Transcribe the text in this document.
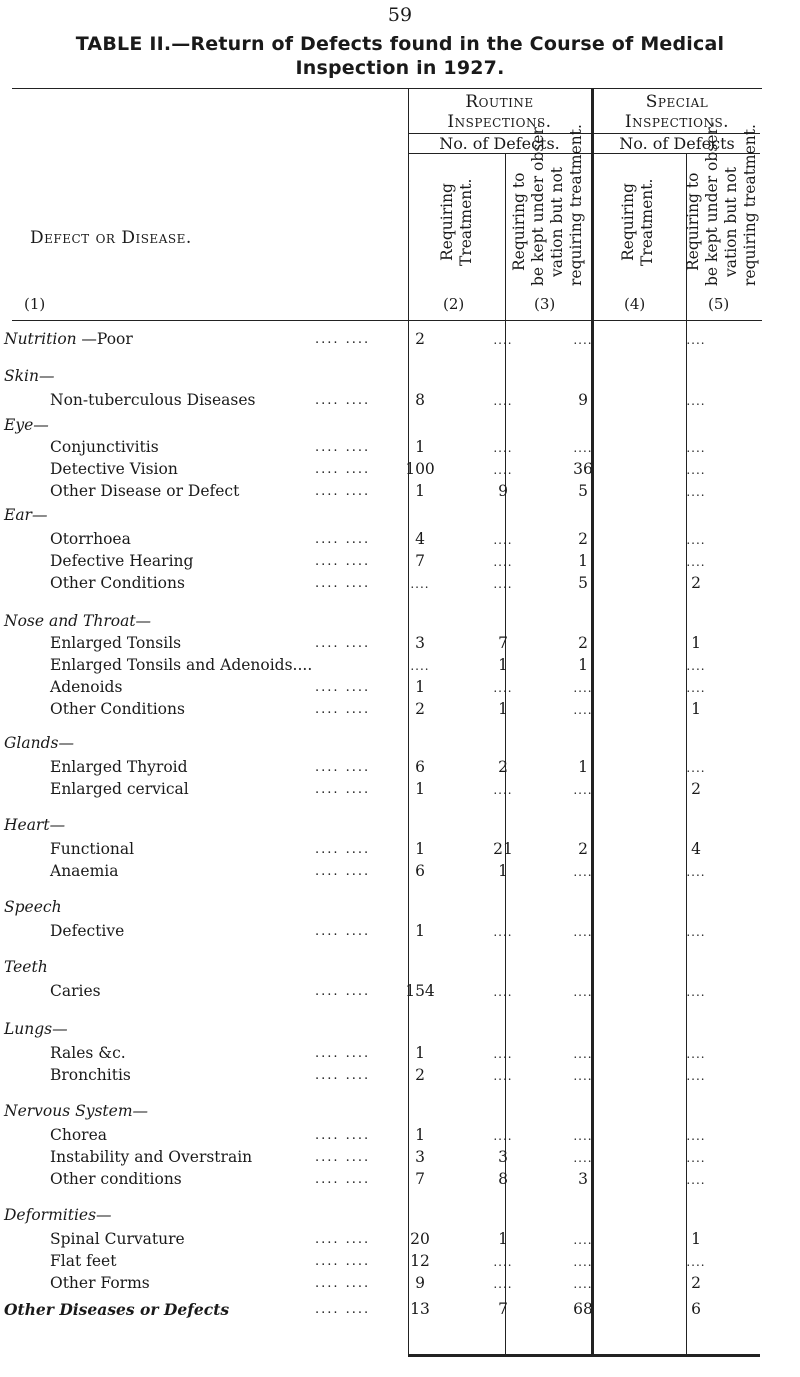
59
TABLE II.—Return of Defects found in the Course of Medical
Inspection in 1927.
Defect or Disease.
(1)
Routine
Inspections.
No. of Defects.
Special
Inspections.
No. of Defects
Requiring Treatment.
(2)
Requiring to be kept under obser- vation but not requiring treatment.
(3)
Requiring Treatment.
(4)
Requiring to be kept under obser- vation but not requiring treatment.
(5)
Nutrition —Poor	.... ....	2	....	....	....
Skin—
Non-tuberculous Diseases	.... ....	8	....	9	....
Eye—
Conjunctivitis	.... ....	1	....	....	....
Detective Vision	.... ....	100	....	36	....
Other Disease or Defect	.... ....	1	9	5	....
Ear—
Otorrhoea	.... ....	4	....	2	....
Defective Hearing	.... ....	7	....	1	....
Other Conditions	.... ....	....	....	5	2
Nose and Throat—
Enlarged Tonsils	.... ....	3	7	2	1
Enlarged Tonsils and Adenoids....	....	1	1	....
Adenoids	.... ....	1	....	....	....
Other Conditions	.... ....	2	1	....	1
Glands—
Enlarged Thyroid	.... ....	6	2	1	....
Enlarged cervical	.... ....	1	....	....	2
Heart—
Functional	.... ....	1	21	2	4
Anaemia	.... ....	6	1	....	....
Speech
Defective	.... ....	1	....	....	....
Teeth
Caries	.... ....	154	....	....	....
Lungs—
Rales &c.	.... ....	1	....	....	....
Bronchitis	.... ....	2	....	....	....
Nervous System—
Chorea	.... ....	1	....	....	....
Instability and Overstrain	.... ....	3	3	....	....
Other conditions	.... ....	7	8	3	....
Deformities—
Spinal Curvature	.... ....	20	1	....	1
Flat feet	.... ....	12	....	....	....
Other Forms	.... ....	9	....	....	2
Other Diseases or Defects	.... ....	13	7	68	6
